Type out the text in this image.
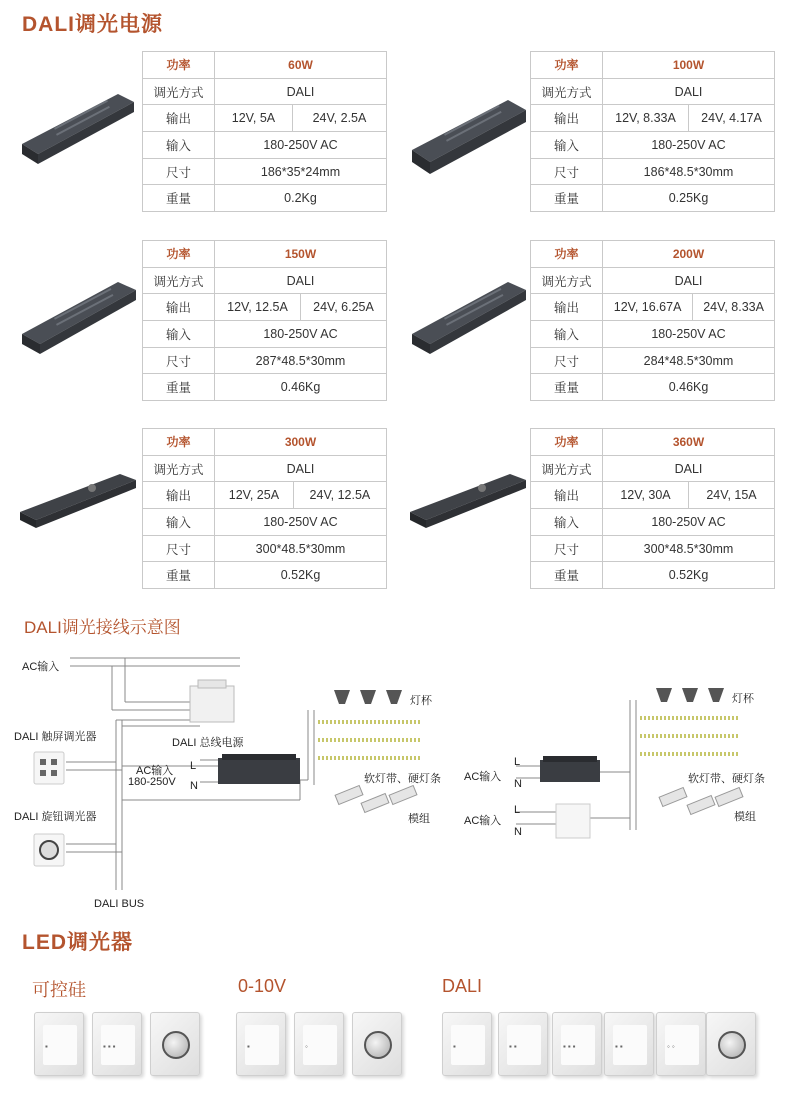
DALI调光电源
功率	60W	
调光方式	DALI	
输出	12V, 5A	24V, 2.5A
输入	180-250V AC	
尺寸	186*35*24mm	
重量	0.2Kg	
功率	100W	
调光方式	DALI	
输出	12V, 8.33A	24V, 4.17A
输入	180-250V AC	
尺寸	186*48.5*30mm	
重量	0.25Kg	
功率	150W	
调光方式	DALI	
输出	12V, 12.5A	24V, 6.25A
输入	180-250V AC	
尺寸	287*48.5*30mm	
重量	0.46Kg	
功率	200W	
调光方式	DALI	
输出	12V, 16.67A	24V, 8.33A
输入	180-250V AC	
尺寸	284*48.5*30mm	
重量	0.46Kg	
功率	300W	
调光方式	DALI	
输出	12V, 25A	24V, 12.5A
输入	180-250V AC	
尺寸	300*48.5*30mm	
重量	0.52Kg	
功率	360W	
调光方式	DALI	
输出	12V, 30A	24V, 15A
输入	180-250V AC	
尺寸	300*48.5*30mm	
重量	0.52Kg	
DALI调光接线示意图
AC输入
DALI 触屏调光器
DALI 旋钮调光器
DALI BUS
DALI 总线电源
AC输入
180-250V
L
N
灯杯
软灯带、硬灯条
模组
AC输入
AC输入
L
N
L
N
灯杯
软灯带、硬灯条
模组
LED调光器
可控硅	0-10V	DALI
▪	▪▪▪	▪	◦	▪	▪▪	▪▪▪	▪▪	◦◦
